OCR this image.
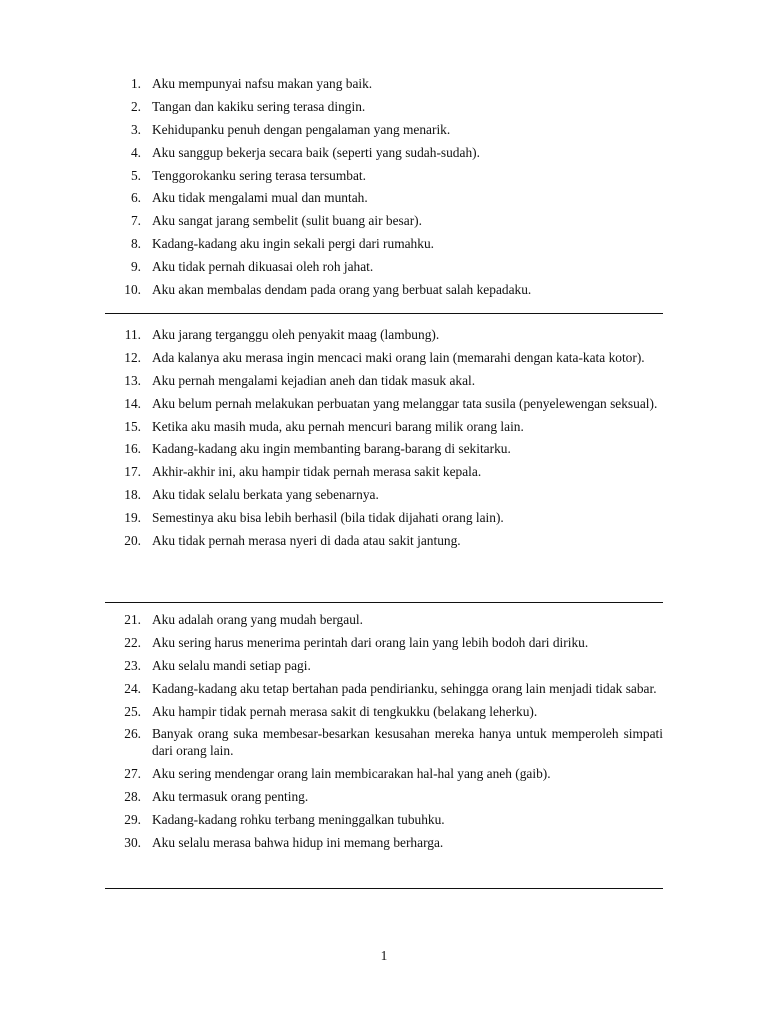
1. Aku mempunyai nafsu makan yang baik.
2. Tangan dan kakiku sering terasa dingin.
3. Kehidupanku penuh dengan pengalaman yang menarik.
4. Aku sanggup bekerja secara baik (seperti yang sudah-sudah).
5. Tenggorokanku sering terasa tersumbat.
6. Aku tidak mengalami mual dan muntah.
7. Aku sangat jarang sembelit (sulit buang air besar).
8. Kadang-kadang aku ingin sekali pergi dari rumahku.
9. Aku tidak pernah dikuasai oleh roh jahat.
10. Aku akan membalas dendam pada orang yang berbuat salah kepadaku.
11. Aku jarang terganggu oleh penyakit maag (lambung).
12. Ada kalanya aku merasa ingin mencaci maki orang lain (memarahi dengan kata-kata kotor).
13. Aku pernah mengalami kejadian aneh dan tidak masuk akal.
14. Aku belum pernah melakukan perbuatan yang melanggar tata susila (penyelewengan seksual).
15. Ketika aku masih muda, aku pernah mencuri barang milik orang lain.
16. Kadang-kadang aku ingin membanting barang-barang di sekitarku.
17. Akhir-akhir ini, aku hampir tidak pernah merasa sakit kepala.
18. Aku tidak selalu berkata yang sebenarnya.
19. Semestinya aku bisa lebih berhasil (bila tidak dijahati orang lain).
20. Aku tidak pernah merasa nyeri di dada atau sakit jantung.
21. Aku adalah orang yang mudah bergaul.
22. Aku sering harus menerima perintah dari orang lain yang lebih bodoh dari diriku.
23. Aku selalu mandi setiap pagi.
24. Kadang-kadang aku tetap bertahan pada pendirianku, sehingga orang lain menjadi tidak sabar.
25. Aku hampir tidak pernah merasa sakit di tengkukku (belakang leherku).
26. Banyak orang suka membesar-besarkan kesusahan mereka hanya untuk memperoleh simpati dari orang lain.
27. Aku sering mendengar orang lain membicarakan hal-hal yang aneh (gaib).
28. Aku termasuk orang penting.
29. Kadang-kadang rohku terbang meninggalkan tubuhku.
30. Aku selalu merasa bahwa hidup ini memang berharga.
1
